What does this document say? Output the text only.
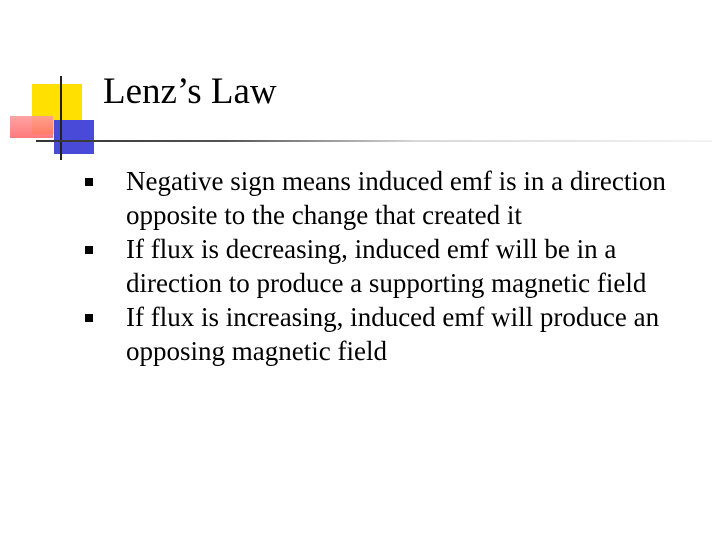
Lenz’s Law
Negative sign means induced emf is in a direction opposite to the change that created it
If flux is decreasing, induced emf will be in a direction to produce a supporting magnetic field
If flux is increasing, induced emf will produce an opposing magnetic field
